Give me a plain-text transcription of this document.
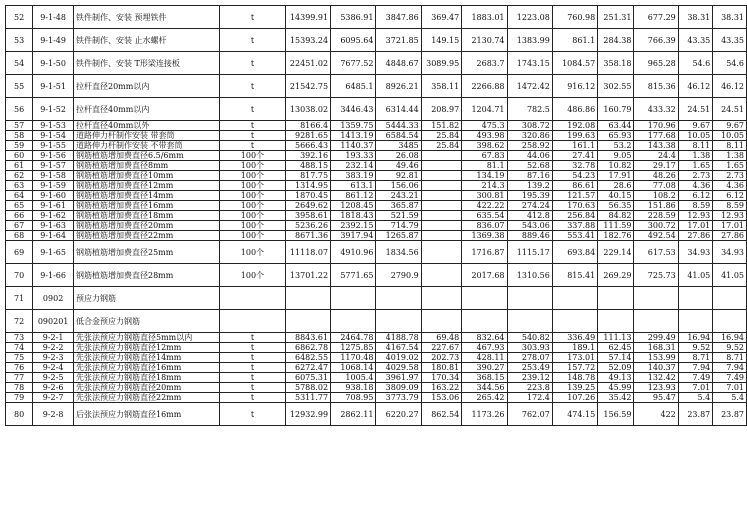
52	9-1-48	铁件制作、安装 预埋铁件	t	14399.91	5386.91	3847.86	369.47	1883.01	1223.08	760.98	251.31	677.29	38.31	38.31
53	9-1-49	铁件制作、安装 止水螺杆	t	15393.24	6095.64	3721.85	149.15	2130.74	1383.99	861.1	284.38	766.39	43.35	43.35
54	9-1-50	铁件制作、安装 T形梁连接板	t	22451.02	7677.52	4848.67	3089.95	2683.7	1743.15	1084.57	358.18	965.28	54.6	54.6
55	9-1-51	拉杆直径20mm以内	t	21542.75	6485.1	8926.21	358.11	2266.88	1472.42	916.12	302.55	815.36	46.12	46.12
56	9-1-52	拉杆直径40mm以内	t	13038.02	3446.43	6314.44	208.97	1204.71	782.5	486.86	160.79	433.32	24.51	24.51
57	9-1-53	拉杆直径40mm以外	t	8166.4	1359.75	5444.33	151.82	475.3	308.72	192.08	63.44	170.96	9.67	9.67
58	9-1-54	道路伸力杆制作安装 带套筒	t	9281.65	1413.19	6584.54	25.84	493.98	320.86	199.63	65.93	177.68	10.05	10.05
59	9-1-55	道路伸力杆制作安装 不带套筒	t	5666.43	1140.37	3485	25.84	398.62	258.92	161.1	53.2	143.38	8.11	8.11
60	9-1-56	钢筋植筋增加费直径6.5/6mm	100个	392.16	193.33	26.08		67.83	44.06	27.41	9.05	24.4	1.38	1.38
61	9-1-57	钢筋植筋增加费直径8mm	100个	488.15	232.14	49.46		81.1	52.68	32.78	10.82	29.17	1.65	1.65
62	9-1-58	钢筋植筋增加费直径10mm	100个	817.75	383.19	92.81		134.19	87.16	54.23	17.91	48.26	2.73	2.73
63	9-1-59	钢筋植筋增加费直径12mm	100个	1314.95	613.1	156.06		214.3	139.2	86.61	28.6	77.08	4.36	4.36
64	9-1-60	钢筋植筋增加费直径14mm	100个	1870.45	861.12	243.21		300.81	195.39	121.57	40.15	108.2	6.12	6.12
65	9-1-61	钢筋植筋增加费直径16mm	100个	2649.62	1208.45	365.87		422.22	274.24	170.63	56.35	151.86	8.59	8.59
66	9-1-62	钢筋植筋增加费直径18mm	100个	3958.61	1818.43	521.59		635.54	412.8	256.84	84.82	228.59	12.93	12.93
67	9-1-63	钢筋植筋增加费直径20mm	100个	5236.26	2392.15	714.79		836.07	543.06	337.88	111.59	300.72	17.01	17.01
68	9-1-64	钢筋植筋增加费直径22mm	100个	8671.36	3917.94	1265.87		1369.38	889.46	553.41	182.76	492.54	27.86	27.86
69	9-1-65	钢筋植筋增加费直径25mm	100个	11118.07	4910.96	1834.56		1716.87	1115.17	693.84	229.14	617.53	34.93	34.93
70	9-1-66	钢筋植筋增加费直径28mm	100个	13701.22	5771.65	2790.9		2017.68	1310.56	815.41	269.29	725.73	41.05	41.05
71	0902	预应力钢筋												
72	090201	低合金预应力钢筋												
73	9-2-1	先张法预应力钢筋直径5mm以内	t	8843.61	2464.78	4188.78	69.48	832.64	540.82	336.49	111.13	299.49	16.94	16.94
74	9-2-2	先张法预应力钢筋直径12mm	t	6862.78	1275.85	4167.54	227.67	467.93	303.93	189.1	62.45	168.31	9.52	9.52
75	9-2-3	先张法预应力钢筋直径14mm	t	6482.55	1170.48	4019.02	202.73	428.11	278.07	173.01	57.14	153.99	8.71	8.71
76	9-2-4	先张法预应力钢筋直径16mm	t	6272.47	1068.14	4029.58	180.81	390.27	253.49	157.72	52.09	140.37	7.94	7.94
77	9-2-5	先张法预应力钢筋直径18mm	t	6075.31	1005.4	3961.97	170.34	368.15	239.12	148.78	49.13	132.42	7.49	7.49
78	9-2-6	先张法预应力钢筋直径20mm	t	5788.02	938.18	3809.09	163.22	344.56	223.8	139.25	45.99	123.93	7.01	7.01
79	9-2-7	先张法预应力钢筋直径22mm	t	5311.77	708.95	3773.79	153.06	265.42	172.4	107.26	35.42	95.47	5.4	5.4
80	9-2-8	后张法预应力钢筋直径16mm	t	12932.99	2862.11	6220.27	862.54	1173.26	762.07	474.15	156.59	422	23.87	23.87
